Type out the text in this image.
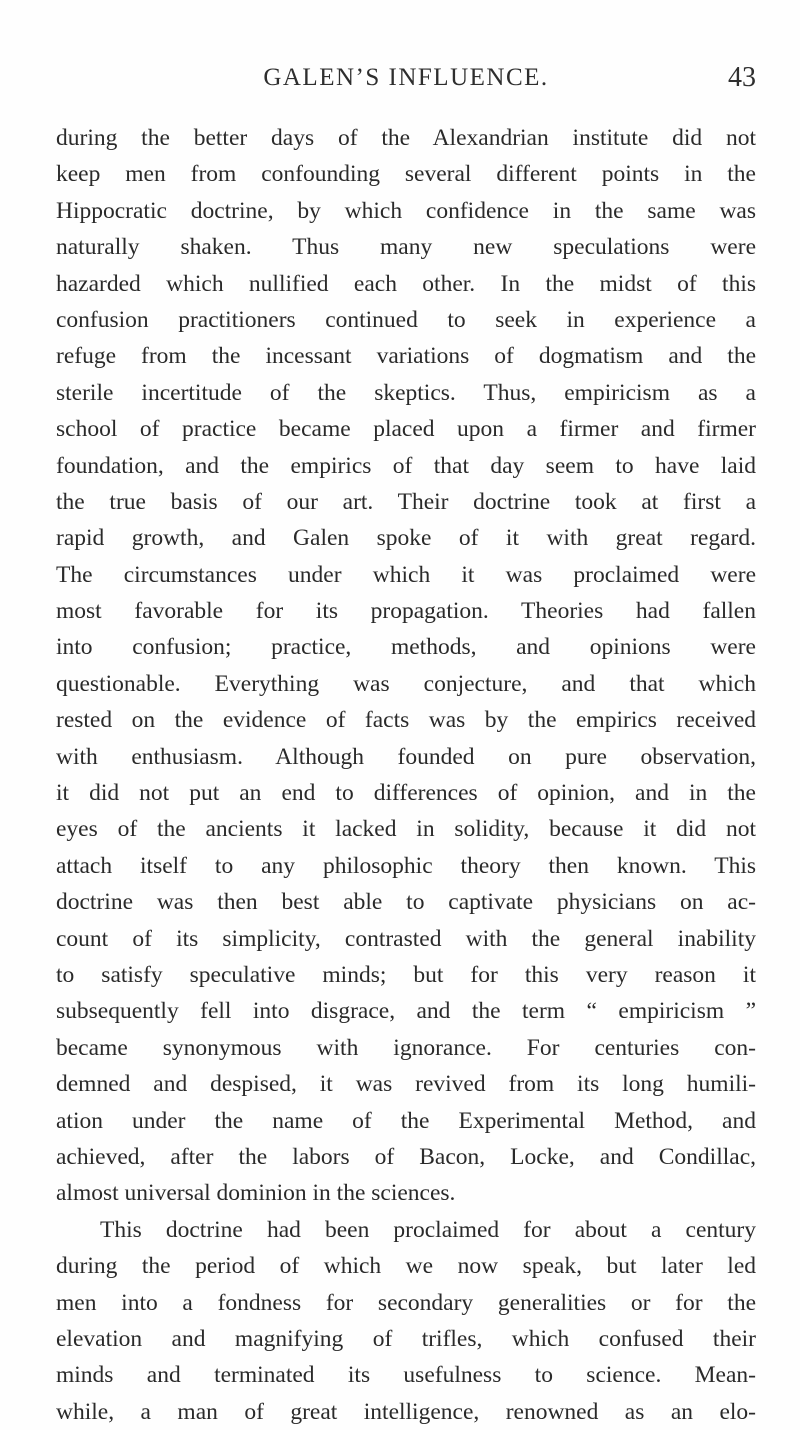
GALEN’S INFLUENCE.	43
during the better days of the Alexandrian institute did not
keep men from confounding several different points in the
Hippocratic doctrine, by which confidence in the same was
naturally shaken. Thus many new speculations were
hazarded which nullified each other. In the midst of this
confusion practitioners continued to seek in experience a
refuge from the incessant variations of dogmatism and the
sterile incertitude of the skeptics. Thus, empiricism as a
school of practice became placed upon a firmer and firmer
foundation, and the empirics of that day seem to have laid
the true basis of our art. Their doctrine took at first a
rapid growth, and Galen spoke of it with great regard.
The circumstances under which it was proclaimed were
most favorable for its propagation. Theories had fallen
into confusion; practice, methods, and opinions were
questionable. Everything was conjecture, and that which
rested on the evidence of facts was by the empirics received
with enthusiasm. Although founded on pure observation,
it did not put an end to differences of opinion, and in the
eyes of the ancients it lacked in solidity, because it did not
attach itself to any philosophic theory then known. This
doctrine was then best able to captivate physicians on ac-
count of its simplicity, contrasted with the general inability
to satisfy speculative minds; but for this very reason it
subsequently fell into disgrace, and the term “ empiricism ”
became synonymous with ignorance. For centuries con-
demned and despised, it was revived from its long humili-
ation under the name of the Experimental Method, and
achieved, after the labors of Bacon, Locke, and Condillac,
almost universal dominion in the sciences.
This doctrine had been proclaimed for about a century
during the period of which we now speak, but later led
men into a fondness for secondary generalities or for the
elevation and magnifying of trifles, which confused their
minds and terminated its usefulness to science. Mean-
while, a man of great intelligence, renowned as an elo-
